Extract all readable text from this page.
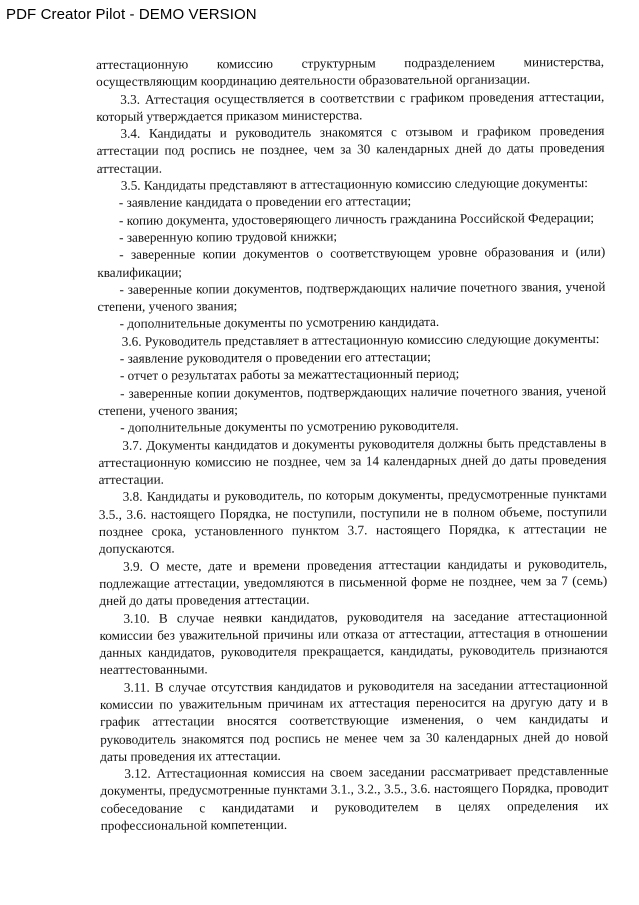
PDF Creator Pilot - DEMO VERSION

аттестационную комиссию структурным подразделением министерства, осуществляющим координацию деятельности образовательной организации.

3.3. Аттестация осуществляется в соответствии с графиком проведения аттестации, который утверждается приказом министерства.

3.4. Кандидаты и руководитель знакомятся с отзывом и графиком проведения аттестации под роспись не позднее, чем за 30 календарных дней до даты проведения аттестации.

3.5. Кандидаты представляют в аттестационную комиссию следующие документы:

- заявление кандидата о проведении его аттестации;

- копию документа, удостоверяющего личность гражданина Российской Федерации;

- заверенную копию трудовой книжки;

- заверенные копии документов о соответствующем уровне образования и (или) квалификации;

- заверенные копии документов, подтверждающих наличие почетного звания, ученой степени, ученого звания;

- дополнительные документы по усмотрению кандидата.

3.6. Руководитель представляет в аттестационную комиссию следующие документы:

- заявление руководителя о проведении его аттестации;

- отчет о результатах работы за межаттестационный период;

- заверенные копии документов, подтверждающих наличие почетного звания, ученой степени, ученого звания;

- дополнительные документы по усмотрению руководителя.

3.7. Документы кандидатов и документы руководителя должны быть представлены в аттестационную комиссию не позднее, чем за 14 календарных дней до даты проведения аттестации.

3.8. Кандидаты и руководитель, по которым документы, предусмотренные пунктами 3.5., 3.6. настоящего Порядка, не поступили, поступили не в полном объеме, поступили позднее срока, установленного пунктом 3.7. настоящего Порядка, к аттестации не допускаются.

3.9. О месте, дате и времени проведения аттестации кандидаты и руководитель, подлежащие аттестации, уведомляются в письменной форме не позднее, чем за 7 (семь) дней до даты проведения аттестации.

3.10. В случае неявки кандидатов, руководителя на заседание аттестационной комиссии без уважительной причины или отказа от аттестации, аттестация в отношении данных кандидатов, руководителя прекращается, кандидаты, руководитель признаются неаттестованными.

3.11. В случае отсутствия кандидатов и руководителя на заседании аттестационной комиссии по уважительным причинам их аттестация переносится на другую дату и в график аттестации вносятся соответствующие изменения, о чем кандидаты и руководитель знакомятся под роспись не менее чем за 30 календарных дней до новой даты проведения их аттестации.

3.12. Аттестационная комиссия на своем заседании рассматривает представленные документы, предусмотренные пунктами 3.1., 3.2., 3.5., 3.6. настоящего Порядка, проводит собеседование с кандидатами и руководителем в целях определения их профессиональной компетенции.
